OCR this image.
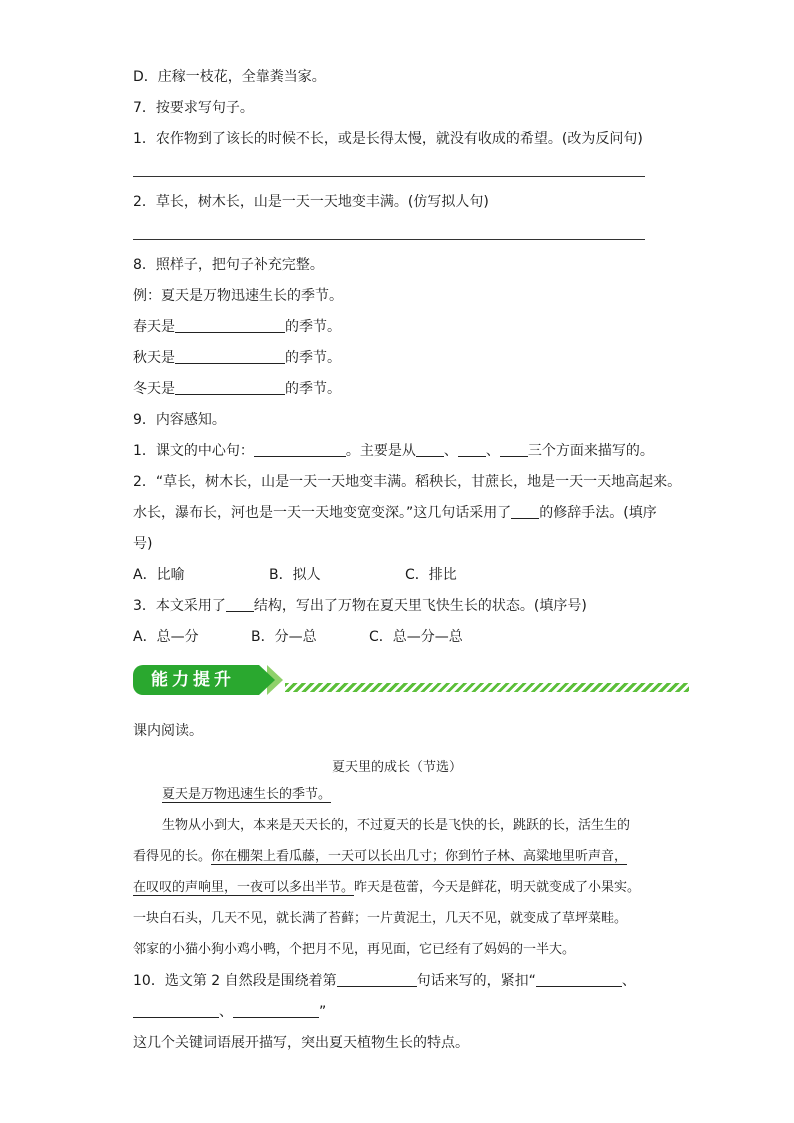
D．庄稼一枝花，全靠粪当家。
7．按要求写句子。
1．农作物到了该长的时候不长，或是长得太慢，就没有收成的希望。(改为反问句)
2．草长，树木长，山是一天一天地变丰满。(仿写拟人句)
8．照样子，把句子补充完整。
例：夏天是万物迅速生长的季节。
春天是	的季节。
秋天是	的季节。
冬天是	的季节。
9．内容感知。
1．课文的中心句：	。主要是从 、 、 三个方面来描写的。
2．“草长，树木长，山是一天一天地变丰满。稻秧长，甘蔗长，地是一天一天地高起来。
水长，瀑布长，河也是一天一天地变宽变深。”这几句话采用了 的修辞手法。(填序
号)
A．比喻	B．拟人	C．排比
3．本文采用了 结构，写出了万物在夏天里飞快生长的状态。(填序号)
A．总—分	B．分—总	C．总—分—总
能力提升
课内阅读。
夏天里的成长（节选）
夏天是万物迅速生长的季节。
生物从小到大，本来是天天长的，不过夏天的长是飞快的长，跳跃的长，活生生的
看得见的长。你在棚架上看瓜藤，一天可以长出几寸；你到竹子林、高粱地里听声音，
在叹叹的声响里，一夜可以多出半节。昨天是苞蕾，今天是鲜花，明天就变成了小果实。
一块白石头，几天不见，就长满了苔藓；一片黄泥土，几天不见，就变成了草坪菜畦。
邻家的小猫小狗小鸡小鸭，个把月不见，再见面，它已经有了妈妈的一半大。
10．选文第 2 自然段是围绕着第	句话来写的，紧扣“	、
、	”
这几个关键词语展开描写，突出夏天植物生长的特点。
